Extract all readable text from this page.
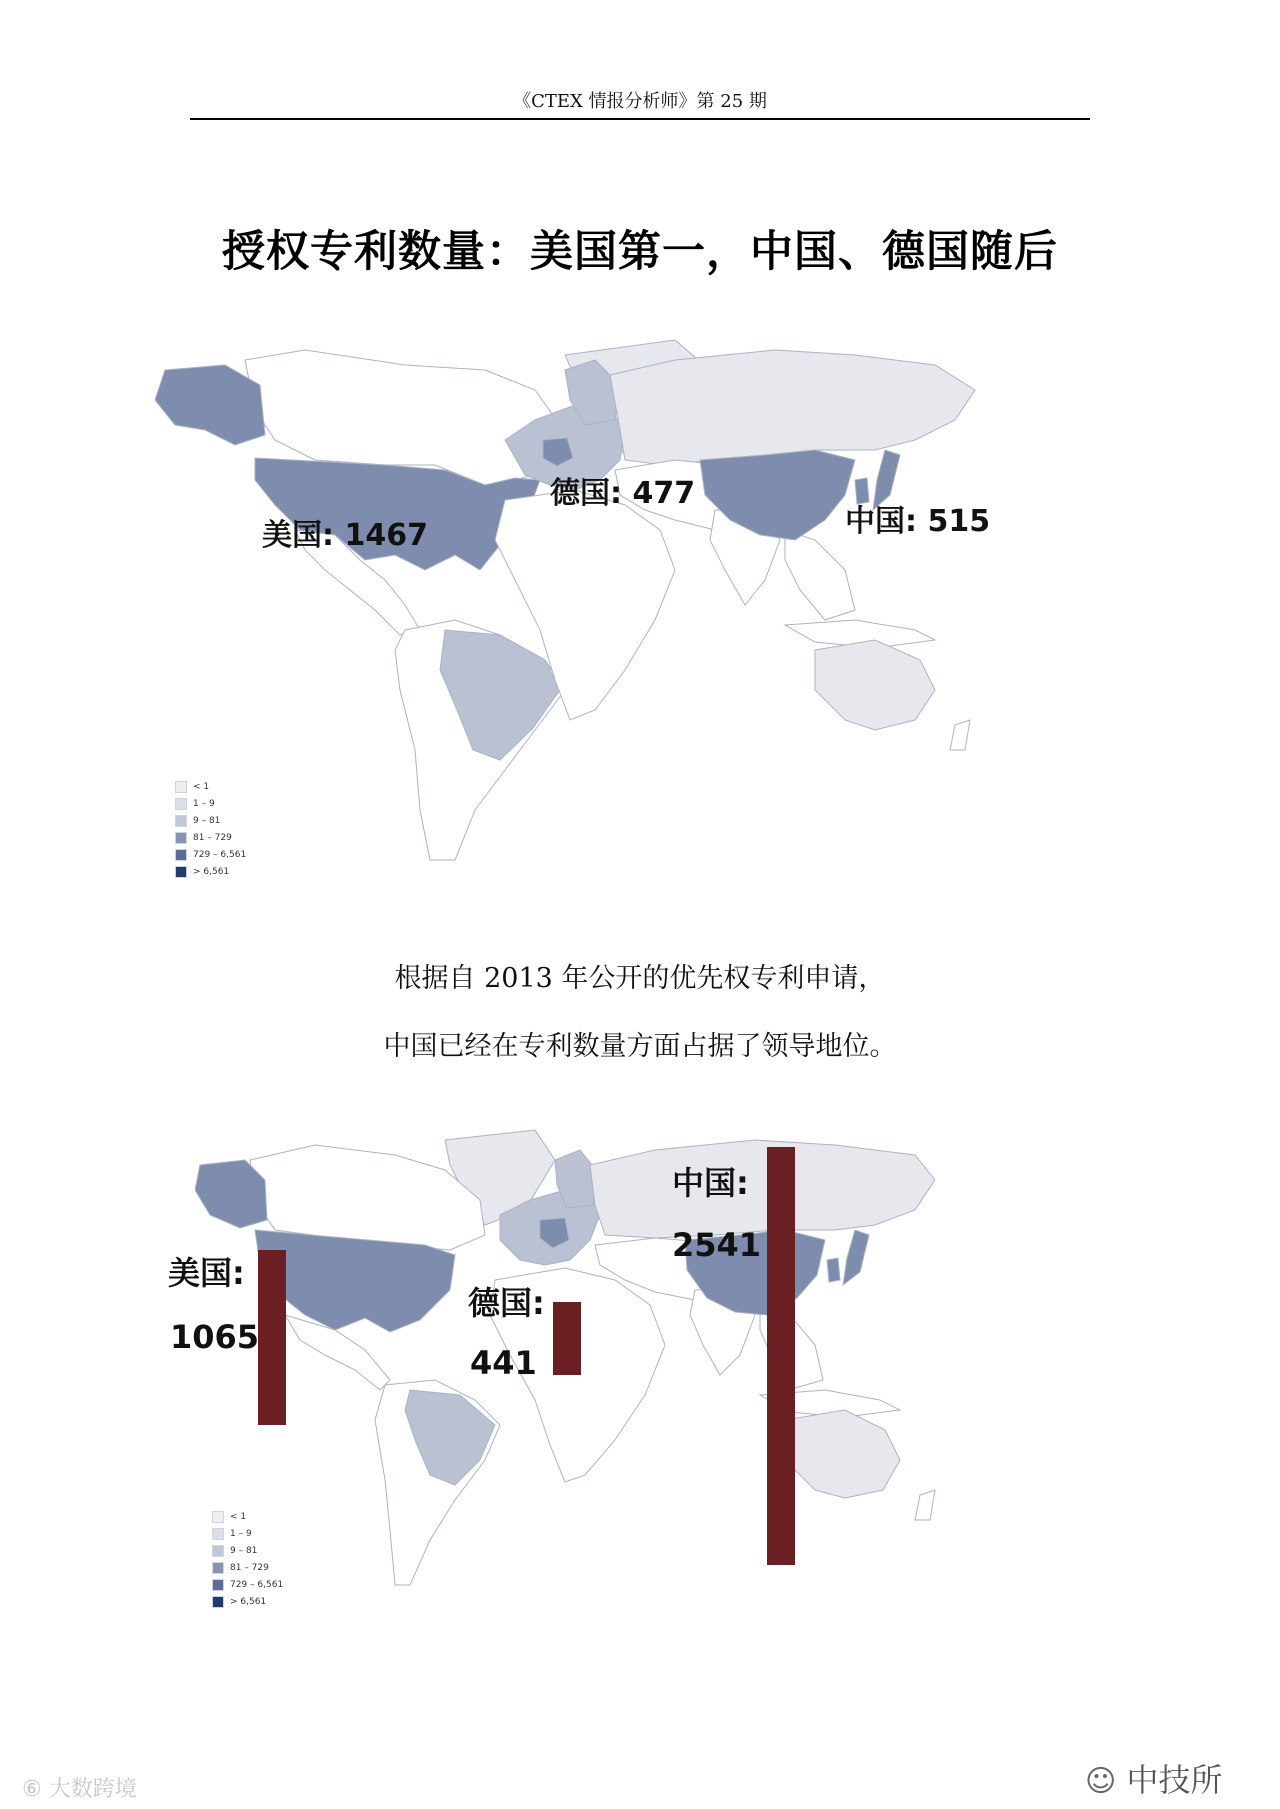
《CTEX 情报分析师》第 25 期
授权专利数量：美国第一，中国、德国随后
美国: 1467
德国: 477
中国: 515
< 1
1 – 9
9 – 81
81 – 729
729 – 6,561
> 6,561
根据自 2013 年公开的优先权专利申请，
中国已经在专利数量方面占据了领导地位。
美国:
1065
德国:
441
中国:
2541
< 1
1 – 9
9 – 81
81 – 729
729 – 6,561
> 6,561
⑥ 大数跨境	☺ 中技所
